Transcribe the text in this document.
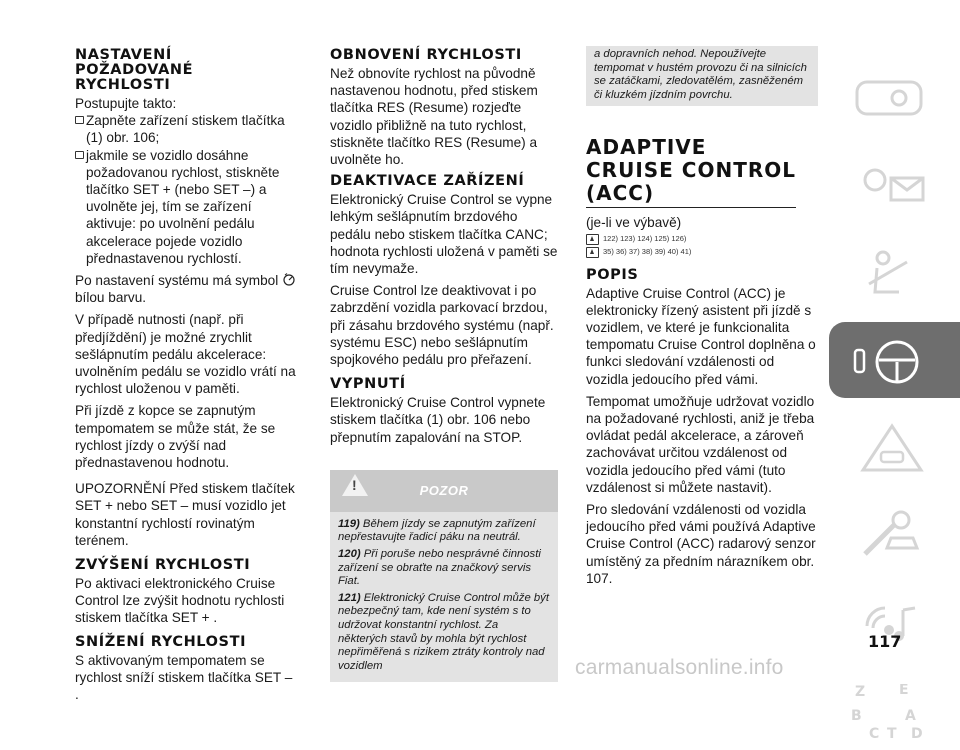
NASTAVENÍ POŽADOVANÉ RYCHLOSTI

Postupujte takto:

Zapněte zařízení stiskem tlačítka (1) obr. 106;

jakmile se vozidlo dosáhne požadovanou rychlost, stiskněte tlačítko SET + (nebo SET –) a uvolněte jej, tím se zařízení aktivuje: po uvolnění pedálu akcelerace pojede vozidlo přednastavenou rychlostí.

Po nastavení systému má symbol

bílou barvu.

V případě nutnosti (např. při předjíždění) je možné zrychlit sešlápnutím pedálu akcelerace: uvolněním pedálu se vozidlo vrátí na rychlost uloženou v paměti.

Při jízdě z kopce se zapnutým tempomatem se může stát, že se rychlost jízdy o zvýší nad přednastavenou hodnotu.

UPOZORNĚNÍ Před stiskem tlačítek SET + nebo SET – musí vozidlo jet konstantní rychlostí rovinatým terénem.

ZVÝŠENÍ RYCHLOSTI

Po aktivaci elektronického Cruise Control lze zvýšit hodnotu rychlosti stiskem tlačítka SET + .

SNÍŽENÍ RYCHLOSTI

S aktivovaným tempomatem se rychlost sníží stiskem tlačítka SET – .

OBNOVENÍ RYCHLOSTI

Než obnovíte rychlost na původně nastavenou hodnotu, před stiskem tlačítka RES (Resume) rozjeďte vozidlo přibližně na tuto rychlost, stiskněte tlačítko RES (Resume) a uvolněte ho.

DEAKTIVACE ZAŘÍZENÍ

Elektronický Cruise Control se vypne lehkým sešlápnutím brzdového pedálu nebo stiskem tlačítka CANC; hodnota rychlosti uložená v paměti se tím nevymaže.

Cruise Control lze deaktivovat i po zabrzdění vozidla parkovací brzdou, při zásahu brzdového systému (např. systému ESC) nebo sešlápnutím spojkového pedálu pro přeřazení.

VYPNUTÍ

Elektronický Cruise Control vypnete stiskem tlačítka (1) obr. 106 nebo přepnutím zapalování na STOP.

!	POZOR

119) Během jízdy se zapnutým zařízení nepřestavujte řadicí páku na neutrál.

120) Při poruše nebo nesprávné činnosti zařízení se obraťte na značkový servis Fiat.

121) Elektronický Cruise Control může být nebezpečný tam, kde není systém s to udržovat konstantní rychlost. Za některých stavů by mohla být rychlost nepřiměřená s rizikem ztráty kontroly nad vozidlem

a dopravních nehod. Nepoužívejte tempomat v hustém provozu či na silnicích se zatáčkami, zledovatělém, zasněženém či kluzkém jízdním povrchu.
ADAPTIVE CRUISE CONTROL (ACC)

(je-li ve výbavě)

122) 123) 124) 125) 126)
35) 36) 37) 38) 39) 40) 41)
POPIS

Adaptive Cruise Control (ACC) je elektronicky řízený asistent při jízdě s vozidlem, ve které je funkcionalita tempomatu Cruise Control doplněna o funkci sledování vzdálenosti od vozidla jedoucího před vámi.

Tempomat umožňuje udržovat vozidlo na požadované rychlosti, aniž je třeba ovládat pedál akcelerace, a zároveň zachovávat určitou vzdálenost od vozidla jedoucího před vámi (tuto vzdálenost si můžete nastavit).

Pro sledování vzdálenosti od vozidla jedoucího před vámi používá Adaptive Cruise Control (ACC) radarový senzor umístěný za předním nárazníkem obr. 107.

Z E
B
C
A
T D
117
carmanualsonline.info
